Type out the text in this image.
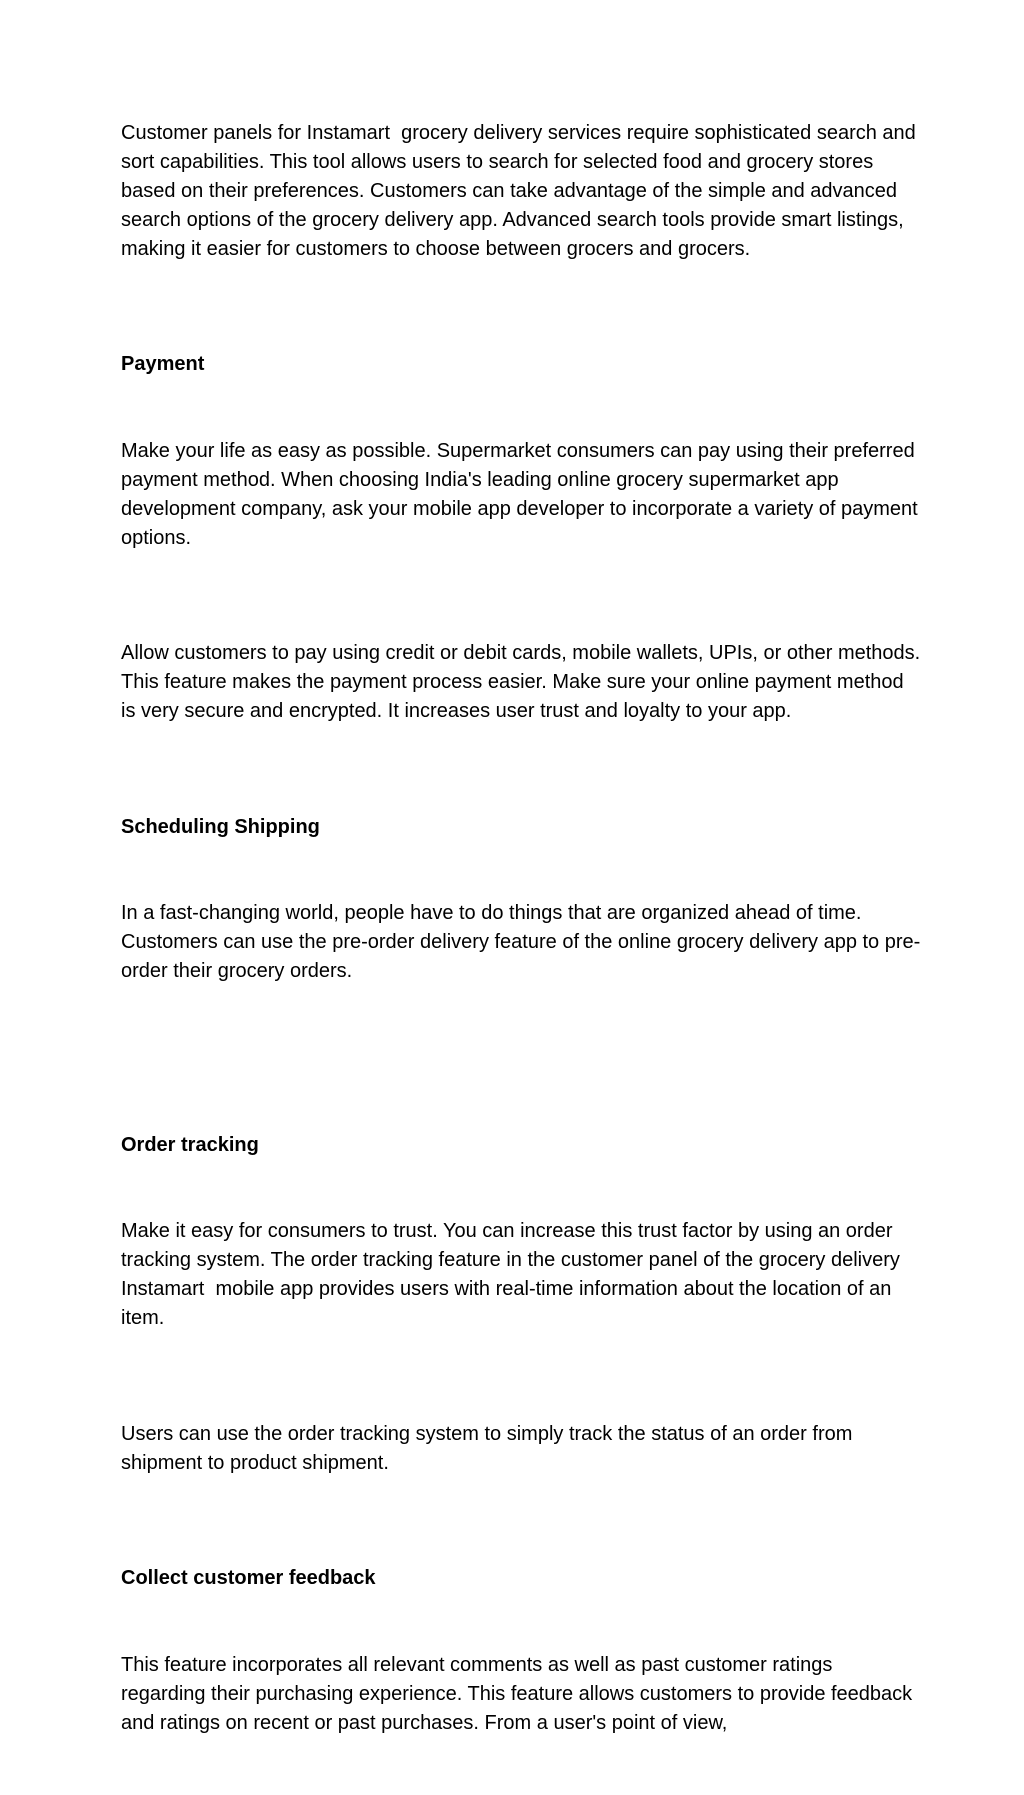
Customer panels for Instamart  grocery delivery services require sophisticated search and sort capabilities. This tool allows users to search for selected food and grocery stores based on their preferences. Customers can take advantage of the simple and advanced search options of the grocery delivery app. Advanced search tools provide smart listings, making it easier for customers to choose between grocers and grocers.

Payment

Make your life as easy as possible. Supermarket consumers can pay using their preferred payment method. When choosing India's leading online grocery supermarket app development company, ask your mobile app developer to incorporate a variety of payment options.

Allow customers to pay using credit or debit cards, mobile wallets, UPIs, or other methods. This feature makes the payment process easier. Make sure your online payment method is very secure and encrypted. It increases user trust and loyalty to your app.

Scheduling Shipping

In a fast-changing world, people have to do things that are organized ahead of time. Customers can use the pre-order delivery feature of the online grocery delivery app to pre-order their grocery orders.

Order tracking

Make it easy for consumers to trust. You can increase this trust factor by using an order tracking system. The order tracking feature in the customer panel of the grocery delivery Instamart  mobile app provides users with real-time information about the location of an item.

Users can use the order tracking system to simply track the status of an order from shipment to product shipment.

Collect customer feedback

This feature incorporates all relevant comments as well as past customer ratings regarding their purchasing experience. This feature allows customers to provide feedback and ratings on recent or past purchases. From a user's point of view,
